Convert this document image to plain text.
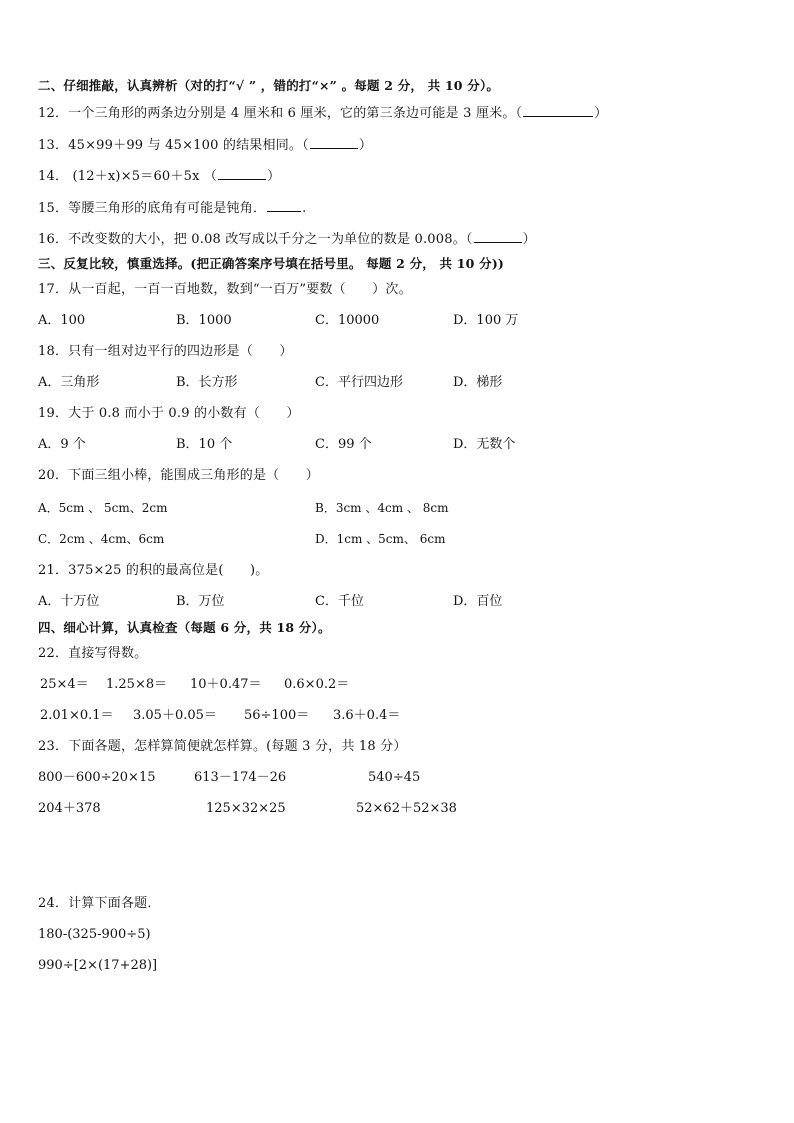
二、仔细推敲，认真辨析（对的打“√ ” ，错的打“×” 。每题 2 分， 共 10 分）。
12．一个三角形的两条边分别是 4 厘米和 6 厘米，它的第三条边可能是 3 厘米。（	）
13．45×99＋99 与 45×100 的结果相同。（	）
14． (12＋x)×5＝60＋5x （	）
15．等腰三角形的底角有可能是钝角．	.
16．不改变数的大小，把 0.08 改写成以千分之一为单位的数是 0.008。（	）
三、反复比较，慎重选择。(把正确答案序号填在括号里。 每题 2 分， 共 10 分))
17．从一百起，一百一百地数，数到“一百万”要数（　　）次。
A．100	B．1000	C．10000	D．100 万
18．只有一组对边平行的四边形是（　　）
A．三角形	B．长方形	C．平行四边形	D．梯形
19．大于 0.8 而小于 0.9 的小数有（　　）
A．9 个	B．10 个	C．99 个	D．无数个
20．下面三组小棒，能围成三角形的是（　　）
A．5cm 、 5cm、2cm	B．3cm 、4cm 、 8cm
C．2cm 、4cm、6cm	D．1cm 、5cm、 6cm
21．375×25 的积的最高位是(　　)。
A．十万位	B．万位	C．千位	D．百位
四、细心计算，认真检查（每题 6 分，共 18 分）。
22．直接写得数。
25×4＝ 1.25×8＝ 10＋0.47＝ 0.6×0.2＝
2.01×0.1＝ 3.05＋0.05＝ 56÷100＝ 3.6＋0.4＝
23．下面各题，怎样算简便就怎样算。(每题 3 分，共 18 分）
800－600÷20×15	613－174－26	540÷45
204＋378	125×32×25	52×62＋52×38
24．计算下面各题．
180-(325-900÷5)
990÷[2×(17+28)]
